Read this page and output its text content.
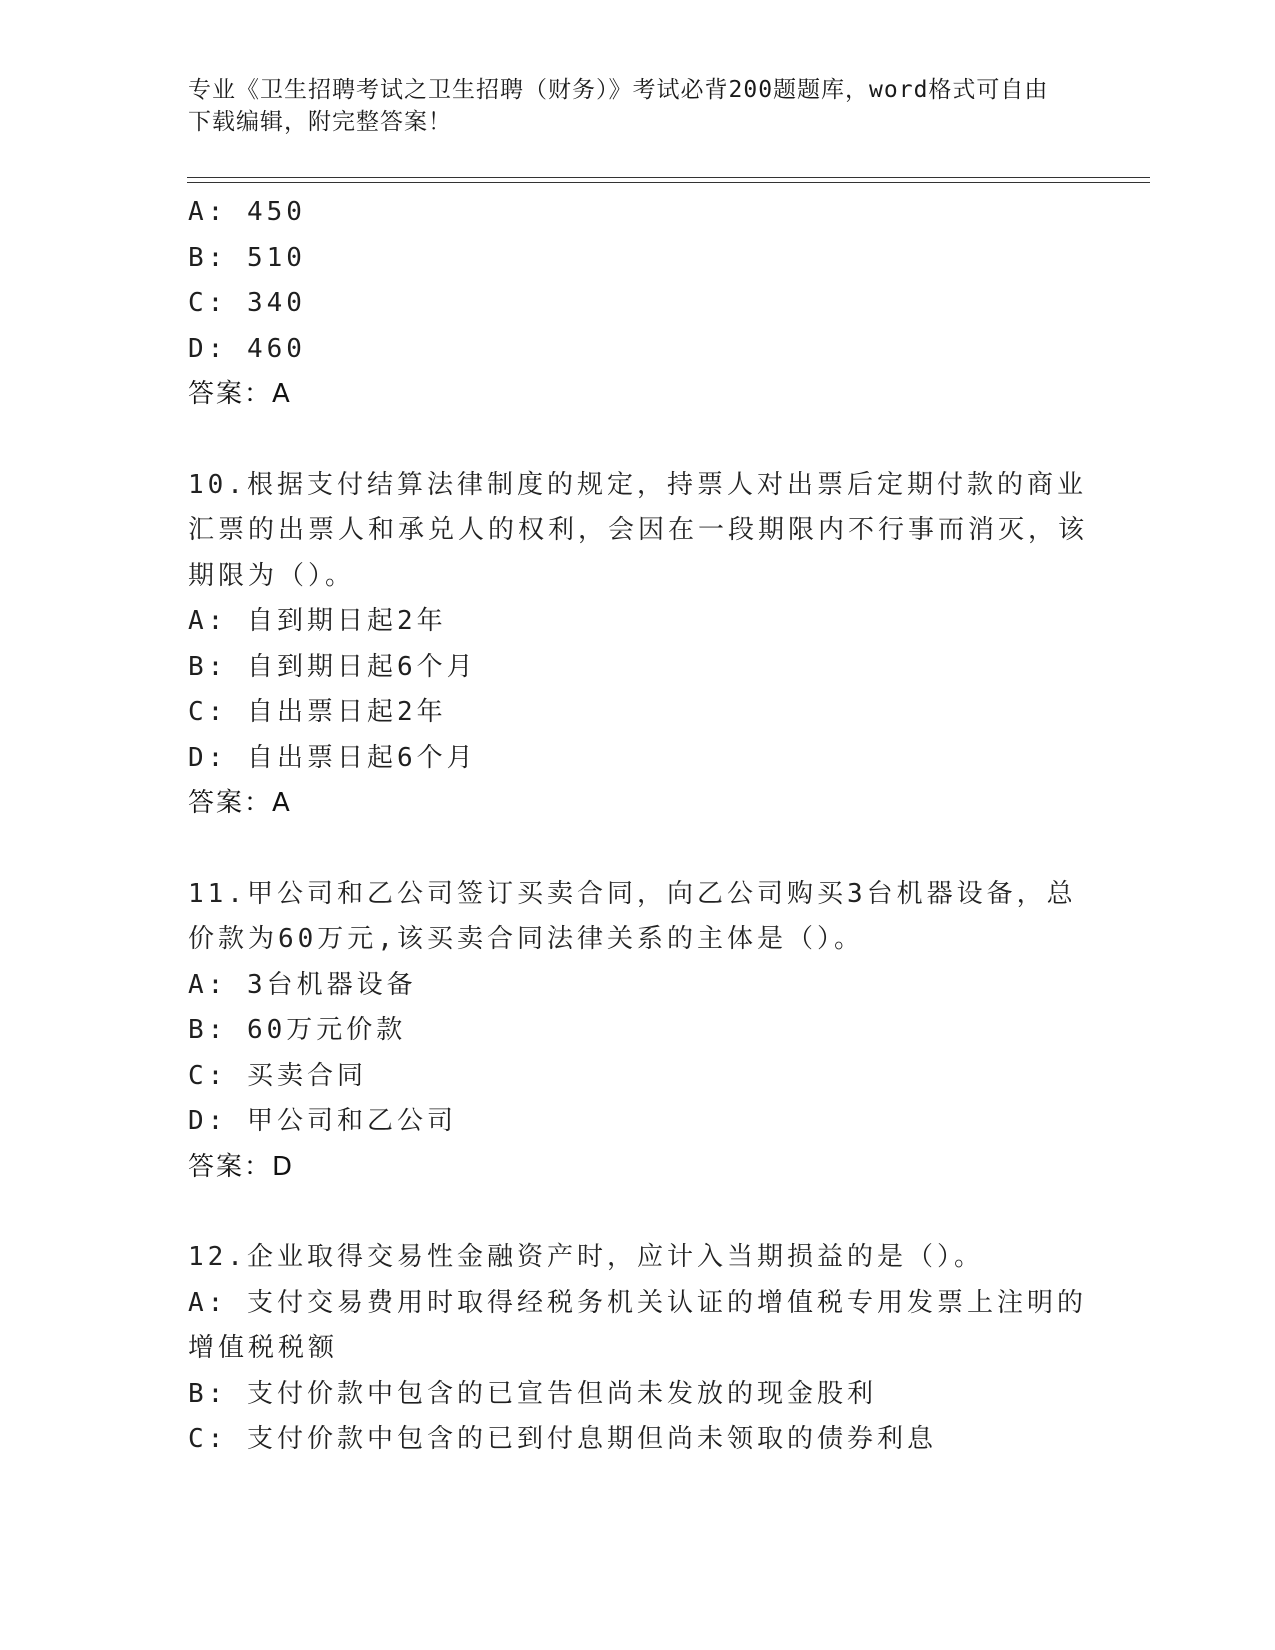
专业《卫生招聘考试之卫生招聘（财务）》考试必背200题题库，word格式可自由下载编辑，附完整答案！
A: 450
B: 510
C: 340
D: 460
答案：A
10.根据支付结算法律制度的规定，持票人对出票后定期付款的商业汇票的出票人和承兑人的权利，会因在一段期限内不行事而消灭，该期限为（）。
A: 自到期日起2年
B: 自到期日起6个月
C: 自出票日起2年
D: 自出票日起6个月
答案：A
11.甲公司和乙公司签订买卖合同，向乙公司购买3台机器设备，总价款为60万元,该买卖合同法律关系的主体是（）。
A: 3台机器设备
B: 60万元价款
C: 买卖合同
D: 甲公司和乙公司
答案：D
12.企业取得交易性金融资产时，应计入当期损益的是（）。
A: 支付交易费用时取得经税务机关认证的增值税专用发票上注明的增值税税额
B: 支付价款中包含的已宣告但尚未发放的现金股利
C: 支付价款中包含的已到付息期但尚未领取的债券利息
